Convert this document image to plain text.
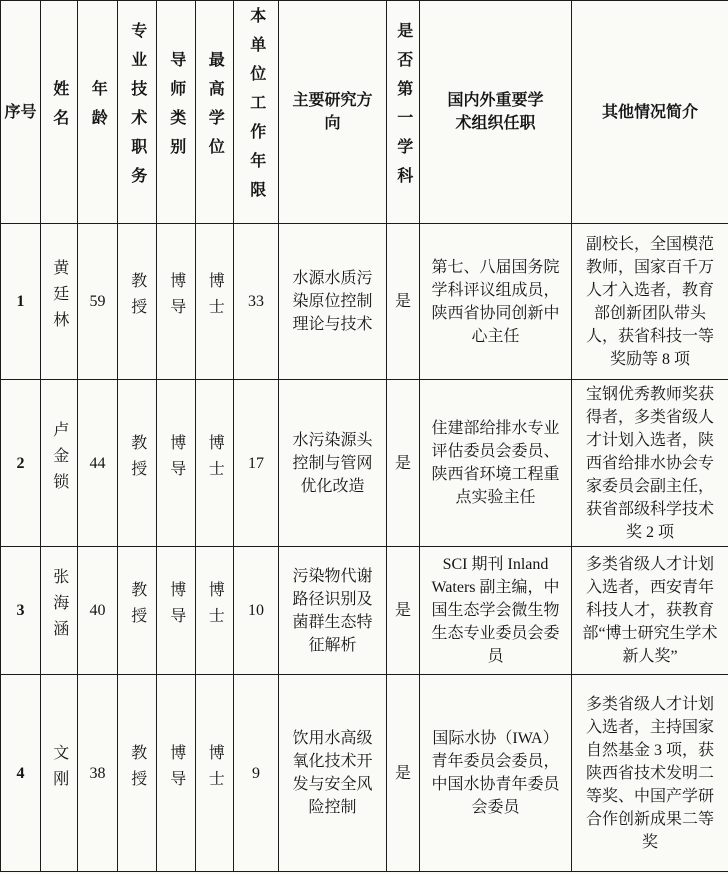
序号	姓名	年龄	专业技术职务	导师类别	最高学位	本单位工作年限	主要研究方向	是否第一学科	国内外重要学术组织任职	其他情况简介
1	黄廷林	59	教授	博导	博士	33	水源水质污染原位控制理论与技术	是	第七、八届国务院学科评议组成员，陕西省协同创新中心主任	副校长，全国模范教师，国家百千万人才入选者，教育部创新团队带头人，获省科技一等奖励等 8 项
2	卢金锁	44	教授	博导	博士	17	水污染源头控制与管网优化改造	是	住建部给排水专业评估委员会委员、陕西省环境工程重点实验主任	宝钢优秀教师奖获得者，多类省级人才计划入选者，陕西省给排水协会专家委员会副主任，获省部级科学技术奖 2 项
3	张海涵	40	教授	博导	博士	10	污染物代谢路径识别及菌群生态特征解析	是	SCI 期刊 Inland Waters 副主编，中国生态学会微生物生态专业委员会委员	多类省级人才计划入选者，西安青年科技人才，获教育部“博士研究生学术新人奖”
4	文刚	38	教授	博导	博士	9	饮用水高级氧化技术开发与安全风险控制	是	国际水协（IWA）青年委员会委员，中国水协青年委员会委员	多类省级人才计划入选者，主持国家自然基金 3 项，获陕西省技术发明二等奖、中国产学研合作创新成果二等奖
